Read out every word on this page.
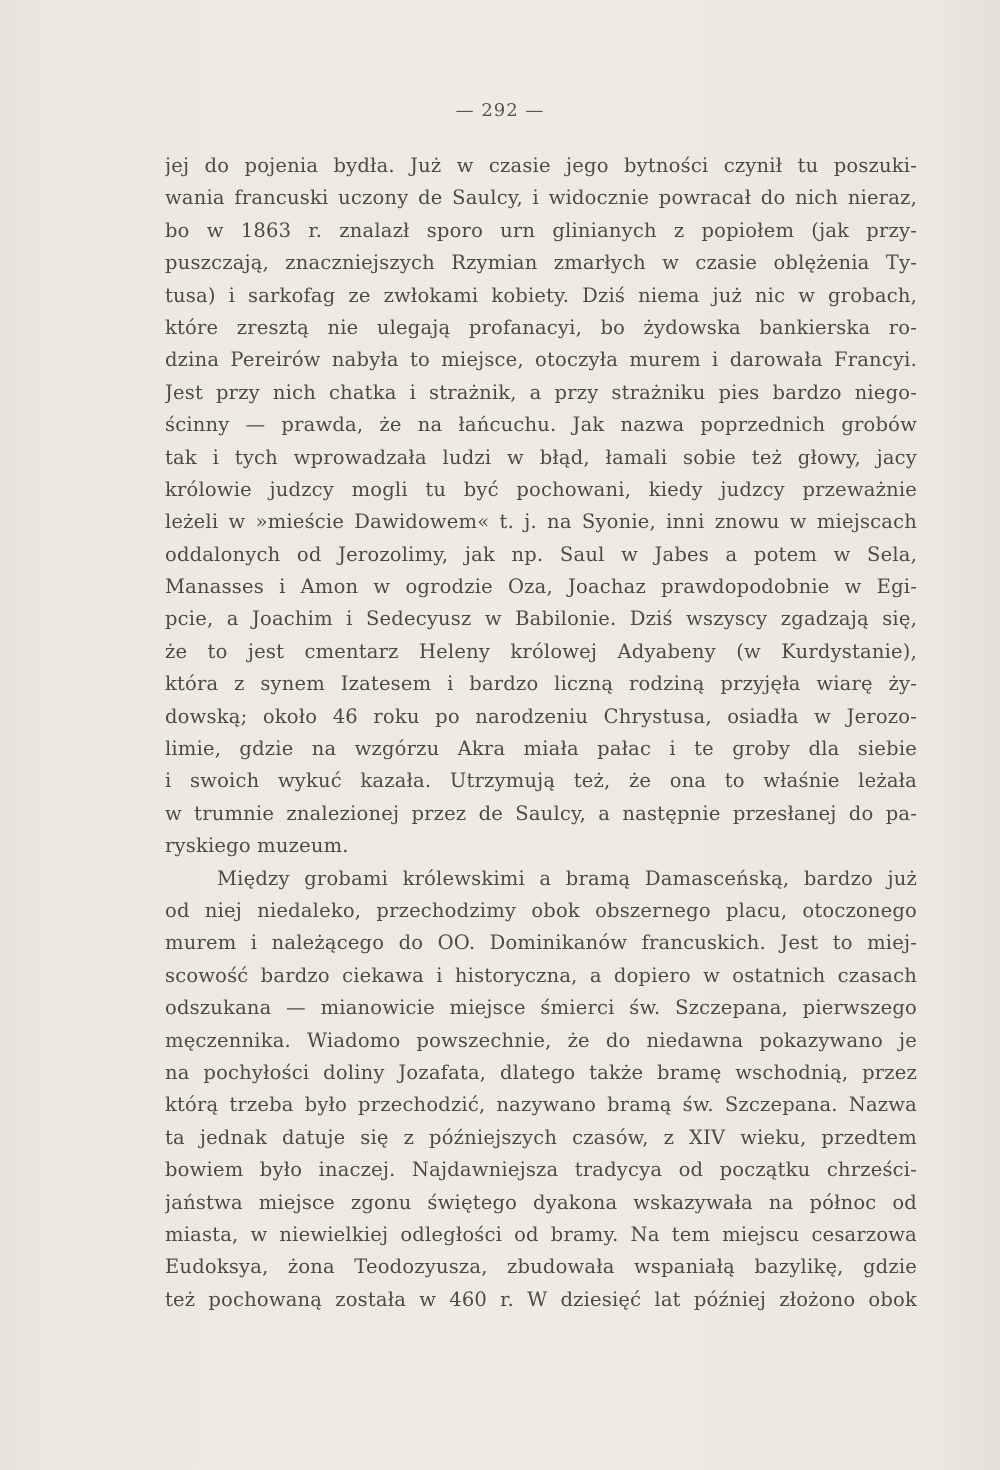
— 292 —
jej do pojenia bydła. Już w czasie jego bytności czynił tu poszuki-
wania francuski uczony de Saulcy, i widocznie powracał do nich nieraz,
bo w 1863 r. znalazł sporo urn glinianych z popiołem (jak przy-
puszczają, znaczniejszych Rzymian zmarłych w czasie oblężenia Ty-
tusa) i sarkofag ze zwłokami kobiety. Dziś niema już nic w grobach,
które zresztą nie ulegają profanacyi, bo żydowska bankierska ro-
dzina Pereirów nabyła to miejsce, otoczyła murem i darowała Francyi.
Jest przy nich chatka i strażnik, a przy strażniku pies bardzo niego-
ścinny — prawda, że na łańcuchu. Jak nazwa poprzednich grobów
tak i tych wprowadzała ludzi w błąd, łamali sobie też głowy, jacy
królowie judzcy mogli tu być pochowani, kiedy judzcy przeważnie
leżeli w »mieście Dawidowem« t. j. na Syonie, inni znowu w miejscach
oddalonych od Jerozolimy, jak np. Saul w Jabes a potem w Sela,
Manasses i Amon w ogrodzie Oza, Joachaz prawdopodobnie w Egi-
pcie, a Joachim i Sedecyusz w Babilonie. Dziś wszyscy zgadzają się,
że to jest cmentarz Heleny królowej Adyabeny (w Kurdystanie),
która z synem Izatesem i bardzo liczną rodziną przyjęła wiarę ży-
dowską; około 46 roku po narodzeniu Chrystusa, osiadła w Jerozo-
limie, gdzie na wzgórzu Akra miała pałac i te groby dla siebie
i swoich wykuć kazała. Utrzymują też, że ona to właśnie leżała
w trumnie znalezionej przez de Saulcy, a następnie przesłanej do pa-
ryskiego muzeum.
Między grobami królewskimi a bramą Damasceńską, bardzo już
od niej niedaleko, przechodzimy obok obszernego placu, otoczonego
murem i należącego do OO. Dominikanów francuskich. Jest to miej-
scowość bardzo ciekawa i historyczna, a dopiero w ostatnich czasach
odszukana — mianowicie miejsce śmierci św. Szczepana, pierwszego
męczennika. Wiadomo powszechnie, że do niedawna pokazywano je
na pochyłości doliny Jozafata, dlatego także bramę wschodnią, przez
którą trzeba było przechodzić, nazywano bramą św. Szczepana. Nazwa
ta jednak datuje się z późniejszych czasów, z XIV wieku, przedtem
bowiem było inaczej. Najdawniejsza tradycya od początku chrześci-
jaństwa miejsce zgonu świętego dyakona wskazywała na północ od
miasta, w niewielkiej odległości od bramy. Na tem miejscu cesarzowa
Eudoksya, żona Teodozyusza, zbudowała wspaniałą bazylikę, gdzie
też pochowaną została w 460 r. W dziesięć lat później złożono obok
